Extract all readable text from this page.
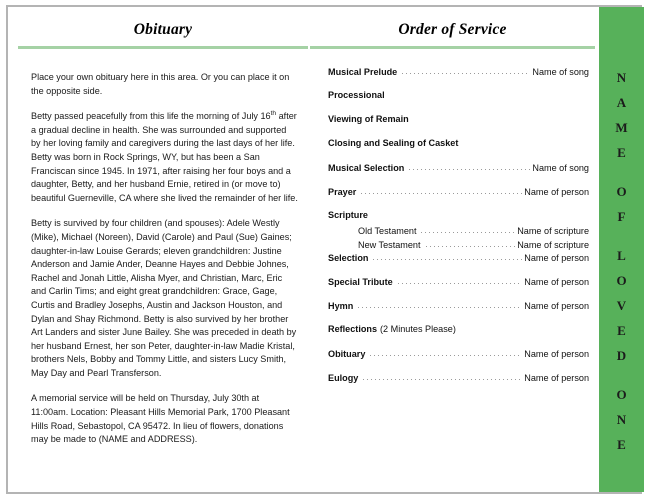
Obituary

Place your own obituary here in this area. Or you can place it on the opposite side.

Betty passed peacefully from this life the morning of July 16th after a gradual decline in health. She was surrounded and supported by her loving family and caregivers during the last days of her life. Betty was born in Rock Springs, WY, but has been a San Franciscan since 1945. In 1971, after raising her four boys and a daughter, Betty, and her husband Ernie, retired in (or move to) beautiful Guerneville, CA where she lived the remainder of her life.

Betty is survived by four children (and spouses): Adele Westly (Mike), Michael (Noreen), David (Carole) and Paul (Sue) Gaines; daughter-in-law Louise Gerards; eleven grandchildren: Justine Anderson and Jamie Ander, Deanne Hayes and Debbie Johnes, Rachel and Jonah Little, Alisha Myer, and Christian, Marc, Eric and Carlin Tims; and eight great grandchildren: Grace, Gage, Curtis and Bradley Josephs, Austin and Jackson Houston, and Dylan and Shay Richmond. Betty is also survived by her brother Art Landers and sister June Bailey. She was preceded in death by her husband Ernest, her son Peter, daughter-in-law Madie Kristal, brothers Nels, Bobby and Tommy Little, and sisters Lucy Smith, May Day and Pearl Transferson.

A memorial service will be held on Thursday, July 30th at 11:00am. Location: Pleasant Hills Memorial Park, 1700 Pleasant Hills Road, Sebastopol, CA 95472. In lieu of flowers, donations may be made to (NAME and ADDRESS).

Order of Service
Musical Prelude	Name of song
Processional
Viewing of Remain
Closing and Sealing of Casket
Musical Selection	Name of song
Prayer	Name of person
Scripture
Old Testament	Name of scripture
New Testament	Name of scripture
Selection	Name of person
Special Tribute	Name of person
Hymn	Name of person
Reflections (2 Minutes Please)
Obituary	Name of person
Eulogy	Name of person
N
A
M
E
O
F
L
O
V
E
D
O
N
E
